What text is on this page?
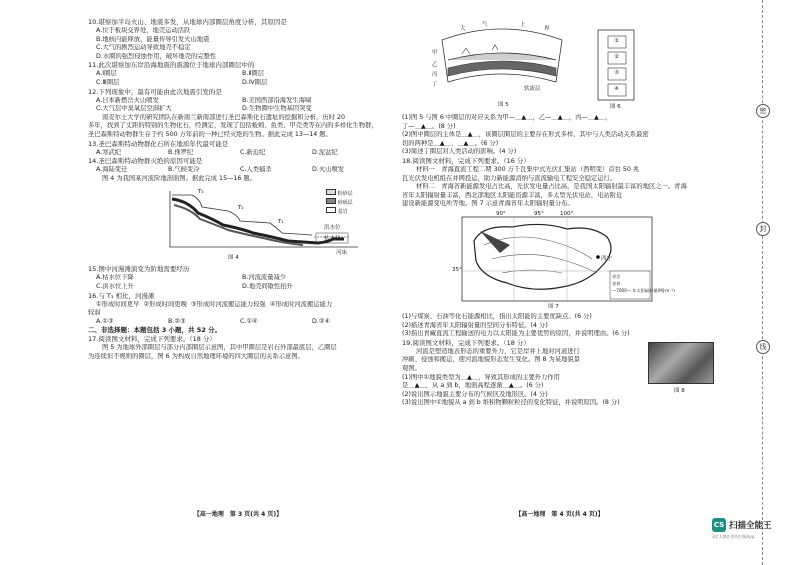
10.堪察加半岛火山、地震多发，从地球内部圈层角度分析，其原因是
A.位于板块交界处，地壳运动活跃
B.地核内能释放，能量传导引发火山地震
C.大气的剧烈运动导致地壳不稳定
D.水圈的强烈侵蚀作用，破坏地壳的完整性
11.此次堪察加东岸沿海地震的震源位于地球内部圈层中的
A.Ⅰ圈层	B.Ⅱ圈层
C.Ⅲ圈层	D.Ⅳ圈层
12.下列现象中，最有可能由此次地震引发的是
A.日本新燃岳火山喷发	B.美国西部沿海发生海啸
C.大气层中臭氧层空洞扩大	D.生物圈中生物基因突变
南麦尔士大学的研究团队在新南兰新南部进行圣巴森斯化石遗址的挖掘和分析，历时 20
多年，找到了丈距的特别的生物化石，经测定，发现了包括蚯蚓、鱼类、甲壳类等在内的多样化生物群，
圣巴森斯特动物群生存于约 500 万年前的一种已经灭绝的生物。据此完成 13—14 题。
13.圣巴森斯特动物群化石所在地质年代最可能是
A.寒武纪	B.侏罗纪	C.新近纪	D.泥盆纪
14.圣巴森斯特动物群灭绝的原因可能是
A.海陆变迁	B.气候变冷	C.人类捕杀	D.火山喷发
图 4 为我国某河流阶地剖面图。据此完成 15—16 题。
T₃
T₂
T₁
洪水位
枯水位
河床
粉砂层
砂砾层
基岩
图 4
15.图中河漫滩演变为阶地需要经历
A.枯水位下降	B.河流流量减少
C.洪水位上升	D.地壳间歇性抬升
16.与 T₃ 相比，河漫滩
①形成时间更早 ②形成时间更晚 ③形成时河流搬运能力较强 ④形成时河流搬运能力
较弱
A.①③	B.②③	C.①④	D.②④
二、非选择题：本题包括 3 小题，共 52 分。
17.阅读图文材料，完成下列要求。（18 分）
图 5 为地球外部圈层与部分内部圈层示意图，其中甲圈层是岩石外部最底层，乙圈层
为连续但不规则的圈层，图 6 为构成自然地理环境的四大圈层的关系示意图。
【高一地理　第 3 页(共 4 页)】
大
气	上
界
甲
乙
丙
丁
软流层
图 5
①
②
③
④
图 6
(1)图 5 与图 6 中圈层的对应关系为甲—＿▲＿，乙—＿▲＿，丙—＿▲＿，
丁—＿▲＿。(8 分)
(2)图中圈层的主体是＿▲＿，该圈层圈层的主要存在形式多样，其中与人类活动关系最密
切的两种是＿▲＿、＿▲＿。(6 分)
(3)简述丁圈层对人类活动的影响。(4 分)
18.阅读图文材料，完成下列要求。（16 分）
材料一　青海直流工程二期 300 万千瓦集中式光伏汇集站（西明变）首台 50 兆
瓦光伏发电机组在并网投运，助力新能源消纳与直流输电工程安全稳定运行。
材料二　青海省新能源发电占比高，光伏发电量占比高，是我国太阳辐射最丰富的地区之一。青海
省年太阳辐射量丰富，西北部地区太阳能资源丰富，多太型光伏电站，电站附近
建设新能源变电所等地。图 7 示意青海省年太阳辐射量分布。
90°	95°	100°
35°
西宁
省会
省界
—7000— 年太阳辐射量(MJ·m⁻²)
图 7
(1)与煤炭、石油等化石能源相比，指出太阳能的主要优缺点。(6 分)
(2)描述青海省年太阳辐射量的空间分布特征。(4 分)
(3)指出青藏直流工程输送的电力以太阳能为主要优势的原因，并说明理由。(6 分)
19.阅读图文材料，完成下列要求。（18 分）
河流是塑造地表形态的重要外力，它是岸并上地对河道进行
冲刷、侵蚀和搬运，使河流地貌形态发生变化。图 8 为某地貌景
观图。
(1)图中①地貌类型为＿▲＿，导致其形成的主要外力作用
是＿▲＿，从 a 到 b，地面高程逐渐＿▲＿。(6 分)
图 8
(2)说出图示地貌主要分布的气候区及地形区。(4 分)
(3)说出图中①地貌从 a 到 b 堆积物颗粒粒径的变化特征，并说明原因。(8 分)
【高一地理　第 4 页(共 4 页)】
密
封
线
CS 扫描全能王
3亿人都在用的扫描App
